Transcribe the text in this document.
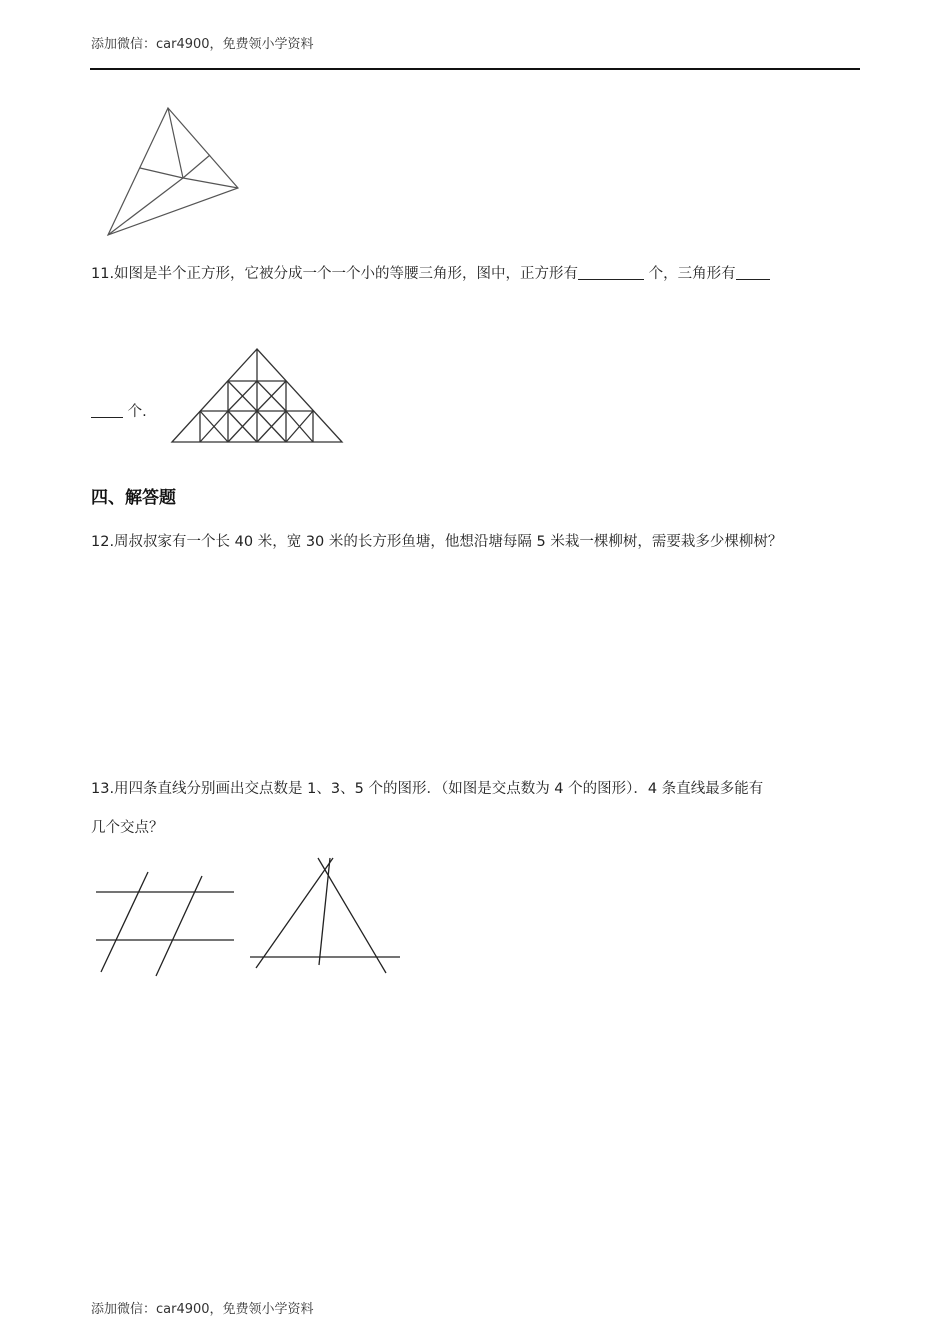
添加微信：car4900，免费领小学资料
11.如图是半个正方形，它被分成一个一个小的等腰三角形，图中，正方形有	个，三角形有
个.
四、解答题
12.周叔叔家有一个长 40 米，宽 30 米的长方形鱼塘，他想沿塘每隔 5 米栽一棵柳树，需要栽多少棵柳树？
13.用四条直线分别画出交点数是 1、3、5 个的图形．（如图是交点数为 4 个的图形）．4 条直线最多能有
几个交点？
添加微信：car4900，免费领小学资料
